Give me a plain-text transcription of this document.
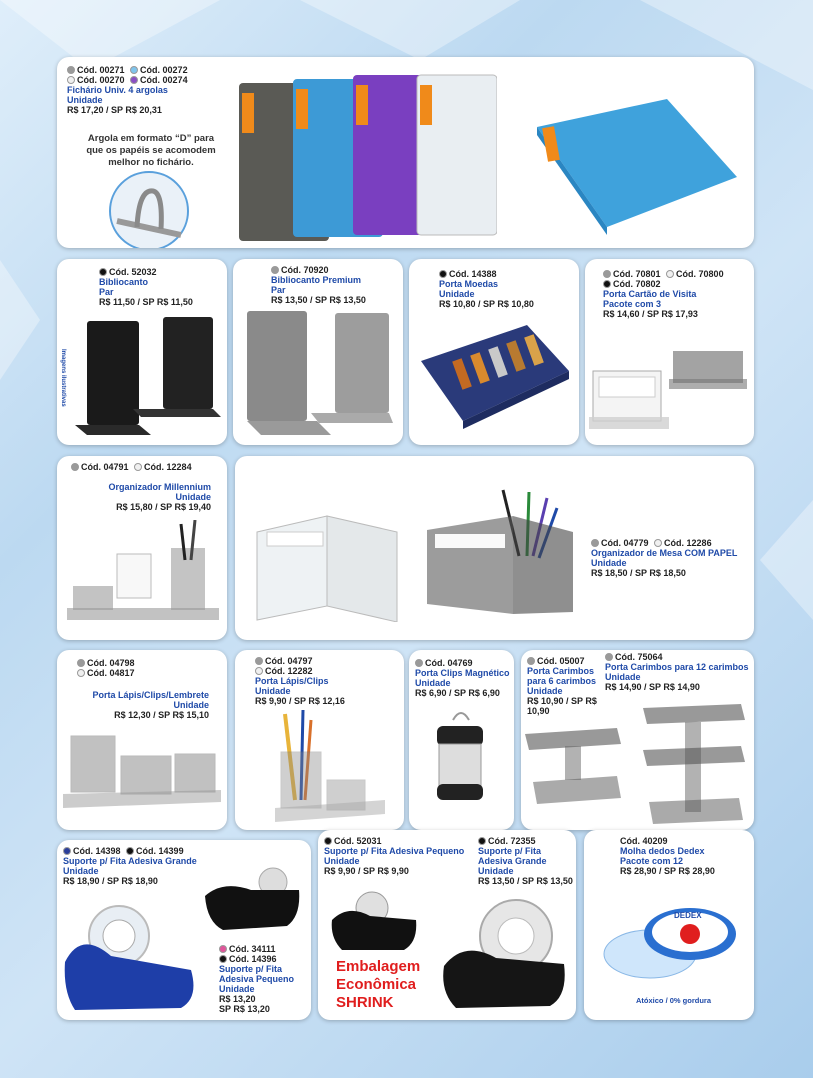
Cód. 00271 Cód. 00272
Cód. 00270 Cód. 00274
Fichário Univ. 4 argolas
Unidade
R$ 17,20 / SP R$ 20,31
Argola em formato “D” para que os papéis se acomodem melhor no fichário.
Cód. 52032
Bibliocanto
Par
R$ 11,50 / SP R$ 11,50
Imagens ilustrativas
Cód. 70920
Bibliocanto Premium
Par
R$ 13,50 / SP R$ 13,50
Cód. 14388
Porta Moedas
Unidade
R$ 10,80 / SP R$ 10,80
Cód. 70801 Cód. 70800
Cód. 70802
Porta Cartão de Visita
Pacote com 3
R$ 14,60 / SP R$ 17,93
Cód. 04791 Cód. 12284
Organizador Millennium
Unidade
R$ 15,80 / SP R$ 19,40
Cód. 04779 Cód. 12286
Organizador de Mesa COM PAPEL
Unidade
R$ 18,50 / SP R$ 18,50
Cód. 04798
Cód. 04817
Porta Lápis/Clips/Lembrete
Unidade
R$ 12,30 / SP R$ 15,10
Cód. 04797
Cód. 12282
Porta Lápis/Clips
Unidade
R$ 9,90 / SP R$ 12,16
Cód. 04769
Porta Clips Magnético
Unidade
R$ 6,90 / SP R$ 6,90
Cód. 05007
Porta Carimbos para 6 carimbos
Unidade
R$ 10,90 / SP R$ 10,90
Cód. 75064
Porta Carimbos para 12 carimbos
Unidade
R$ 14,90 / SP R$ 14,90
Cód. 14398 Cód. 14399
Suporte p/ Fita Adesiva Grande
Unidade
R$ 18,90 / SP R$ 18,90
Cód. 34111
Cód. 14396
Suporte p/ Fita Adesiva Pequeno
Unidade
R$ 13,20
SP R$ 13,20
Cód. 52031
Suporte p/ Fita Adesiva Pequeno
Unidade
R$ 9,90 / SP R$ 9,90
Cód. 72355
Suporte p/ Fita Adesiva Grande
Unidade
R$ 13,50 / SP R$ 13,50
Embalagem Econômica SHRINK
Cód. 40209
Molha dedos Dedex
Pacote com 12
R$ 28,90 / SP R$ 28,90
DEDEX
Atóxico / 0% gordura
